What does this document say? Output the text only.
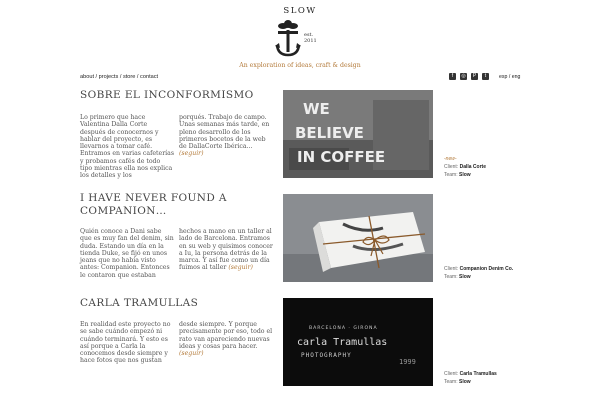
SLOW
est.
2011
An exploration of ideas, craft & design
about / projects / store / contact	f	◎	P	t	esp / eng
SOBRE EL INCONFORMISMO
Lo primero que hace Valentina Dalla Corte después de conocernos y hablar del proyecto, es llevarnos a tomar café. Entramos en varias cafeterías y probamos cafés de todo tipo mientras ella nos explica los detalles y los
porqués. Trabajo de campo. Unas semanas más tarde, en pleno desarrollo de los primeros bocetos de la web de DallaCorte Ibérica... (seguir)
WE
BELIEVE
IN COFFEE	-new-
Client: Dalla Corte
Team: Slow
I HAVE NEVER FOUND A COMPANION…
Quién conoce a Dani sabe que es muy fan del denim, sin duda. Estando un día en la tienda Duke, se fijó en unos jeans que no había visto antes: Companion. Entonces le contaron que estaban
hechos a mano en un taller al lado de Barcelona. Entramos en su web y quisimos conocer a Iu, la persona detrás de la marca. Y así fue como un día fuimos al taller (seguir)	Client: Companion Denim Co.
Team: Slow
CARLA TRAMULLAS
En realidad este proyecto no se sabe cuándo empezó ni cuándo terminará. Y esto es así porque a Carla la conocemos desde siempre y hace fotos que nos gustan
desde siempre. Y porque precisamente por eso, todo el rato van apareciendo nuevas ideas y cosas para hacer. (seguir)
BARCELONA · GIRONA
carla Tramullas
PHOTOGRAPHY
1999
Client: Carla Tramullas
Team: Slow
